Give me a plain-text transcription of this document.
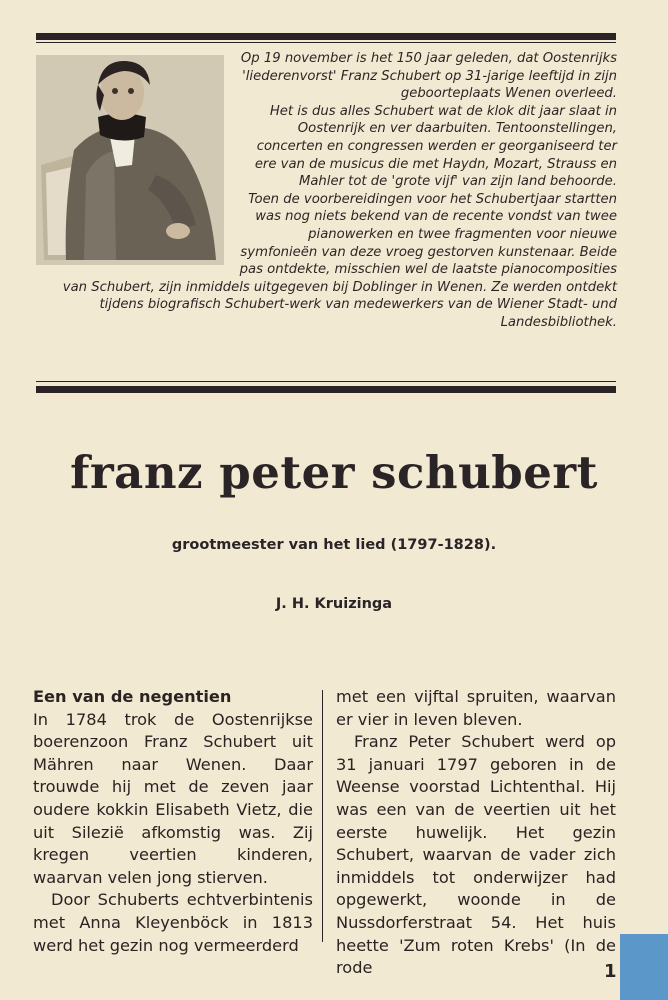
Op 19 november is het 150 jaar geleden, dat Oostenrijks 'liederenvorst' Franz Schubert op 31-jarige leeftijd in zijn geboorteplaats Wenen overleed.

Het is dus alles Schubert wat de klok dit jaar slaat in Oostenrijk en ver daarbuiten. Tentoonstellingen, concerten en congressen werden er georganiseerd ter ere van de musicus die met Haydn, Mozart, Strauss en Mahler tot de 'grote vijf' van zijn land behoorde.

Toen de voorbereidingen voor het Schubertjaar startten was nog niets bekend van de recente vondst van twee pianowerken en twee fragmenten voor nieuwe symfonieën van deze vroeg gestorven kunstenaar. Beide pas ontdekte, misschien wel de laatste pianocomposities van Schubert, zijn inmiddels uitgegeven bij Doblinger in Wenen. Ze werden ontdekt tijdens biografisch Schubert-werk van medewerkers van de Wiener Stadt- und Landesbibliothek.

franz peter schubert
grootmeester van het lied (1797-1828).
J. H. Kruizinga
Een van de negentien

In 1784 trok de Oostenrijkse boerenzoon Franz Schubert uit Mähren naar Wenen. Daar trouwde hij met de zeven jaar oudere kokkin Elisabeth Vietz, die uit Silezië afkomstig was. Zij kregen veertien kinderen, waarvan velen jong stierven.

Door Schuberts echtverbintenis met Anna Kleyenböck in 1813 werd het gezin nog vermeerderd

met een vijftal spruiten, waarvan er vier in leven bleven.

Franz Peter Schubert werd op 31 januari 1797 geboren in de Weense voorstad Lichtenthal. Hij was een van de veertien uit het eerste huwelijk. Het gezin Schubert, waarvan de vader zich inmiddels tot onderwijzer had opgewerkt, woonde in de Nussdorferstraat 54. Het huis heette 'Zum roten Krebs' (In de rode	1
